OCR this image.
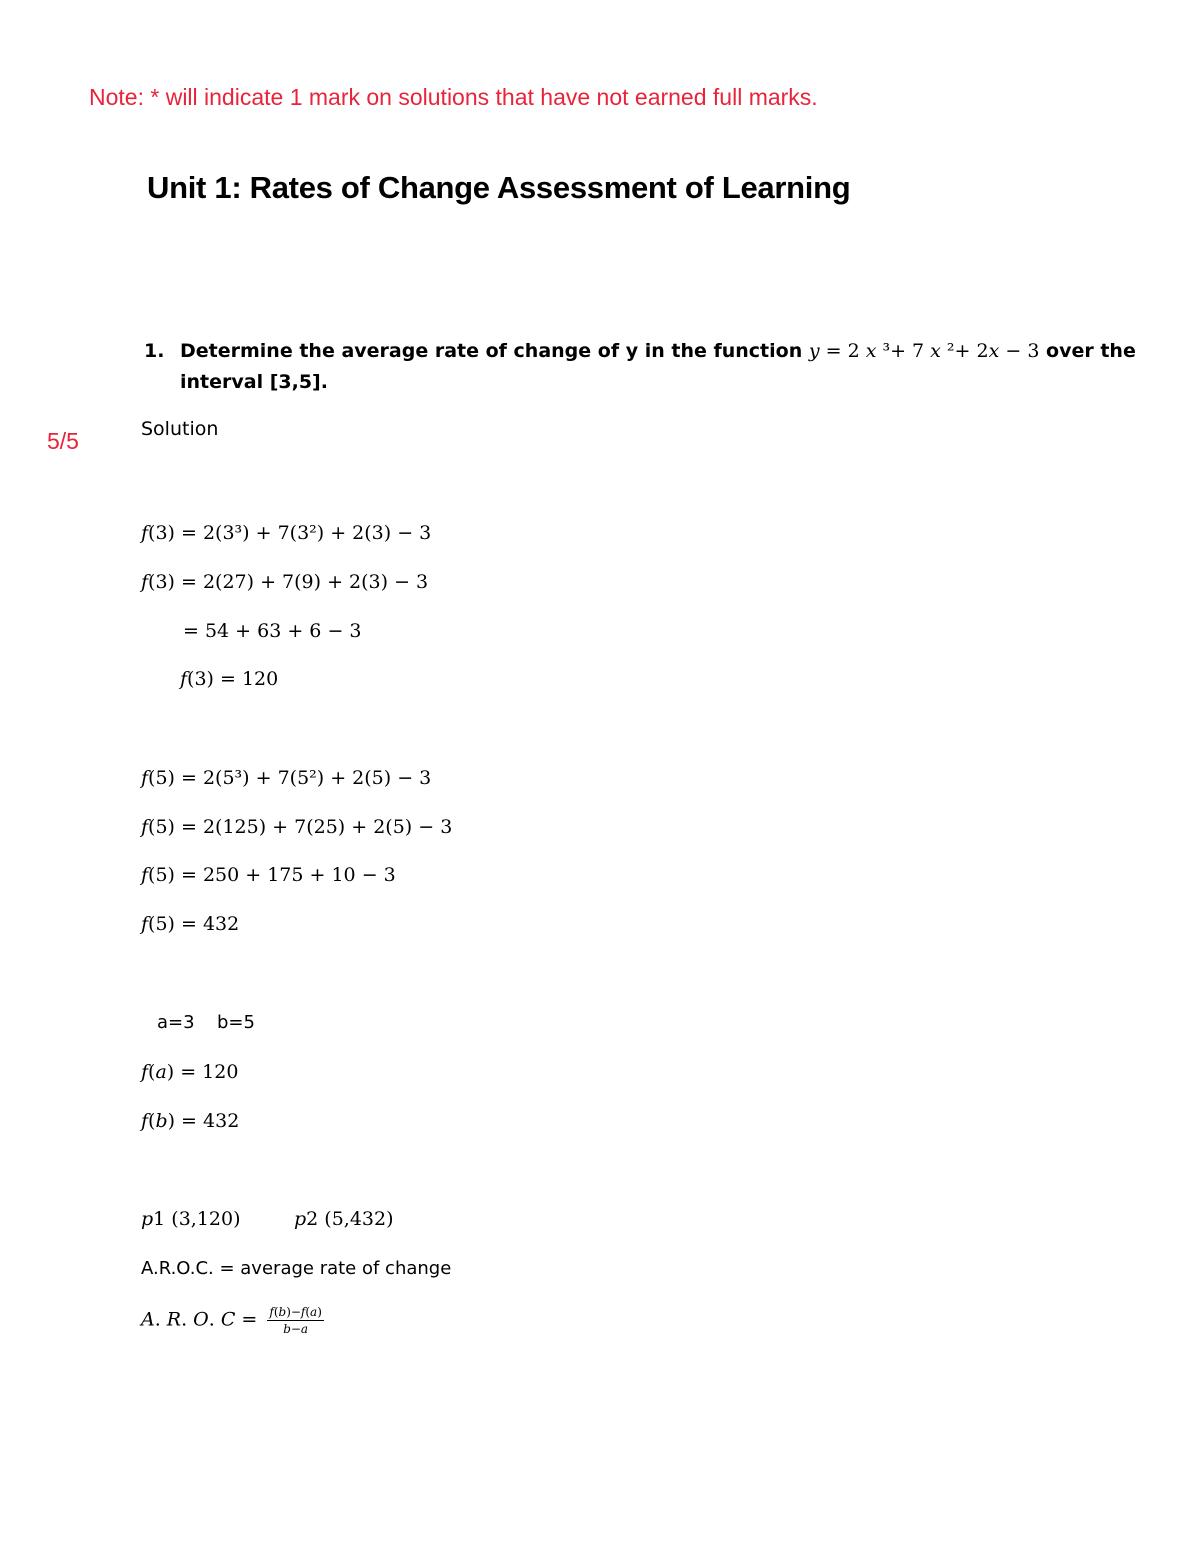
Note: * will indicate 1 mark on solutions that have not earned full marks.
Unit 1: Rates of Change Assessment of Learning
1. Determine the average rate of change of y in the function 𝑦 = 2 𝑥 ³+ 7 𝑥 ²+ 2𝑥 − 3 over the
interval [3,5].
5/5	Solution
𝑓(3) = 2(3³) + 7(3²) + 2(3) − 3
𝑓(3) = 2(27) + 7(9) + 2(3) − 3
= 54 + 63 + 6 − 3
𝑓(3) = 120
𝑓(5) = 2(5³) + 7(5²) + 2(5) − 3
𝑓(5) = 2(125) + 7(25) + 2(5) − 3
𝑓(5) = 250 + 175 + 10 − 3
𝑓(5) = 432
a=3 b=5
𝑓(𝑎) = 120
𝑓(𝑏) = 432
𝑝1 (3,120)	𝑝2 (5,432)
A.R.O.C. = average rate of change
𝐴. 𝑅. 𝑂. 𝐶 = $\frac{\text{𝑓(𝑏)−𝑓(𝑎)}}{\text{𝑏−𝑎}}$
